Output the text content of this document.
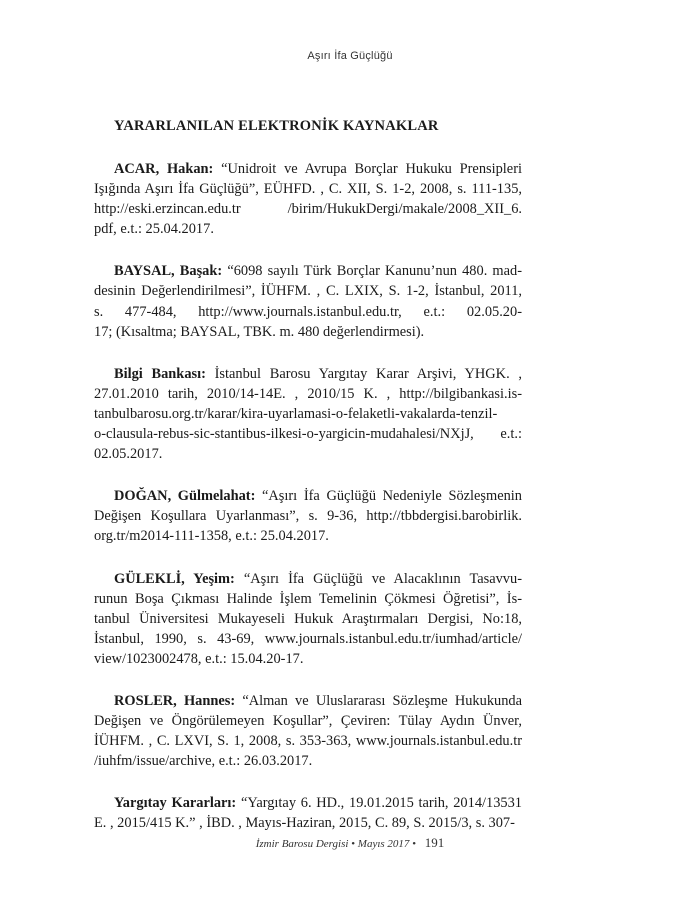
Aşırı İfa Güçlüğü
YARARLANILAN ELEKTRONİK KAYNAKLAR
ACAR, Hakan: “Unidroit ve Avrupa Borçlar Hukuku Prensipleri
Işığında Aşırı İfa Güçlüğü”, EÜHFD. , C. XII, S. 1-2, 2008, s. 111-135,
http://eski.erzincan.edu.tr /birim/HukukDergi/makale/2008_XII_6.
pdf, e.t.: 25.04.2017.
BAYSAL, Başak: “6098 sayılı Türk Borçlar Kanunu’nun 480. mad-
desinin Değerlendirilmesi”, İÜHFM. , C. LXIX, S. 1-2, İstanbul, 2011,
s. 477-484, http://www.journals.istanbul.edu.tr, e.t.: 02.05.20-
17; (Kısaltma; BAYSAL, TBK. m. 480 değerlendirmesi).
Bilgi Bankası: İstanbul Barosu Yargıtay Karar Arşivi, YHGK. ,
27.01.2010 tarih, 2010/14-14E. , 2010/15 K. , http://bilgibankasi.is-
tanbulbarosu.org.tr/karar/kira-uyarlamasi-o-felaketli-vakalarda-tenzil-
o-clausula-rebus-sic-stantibus-ilkesi-o-yargicin-mudahalesi/NXjJ, e.t.:
02.05.2017.
DOĞAN, Gülmelahat: “Aşırı İfa Güçlüğü Nedeniyle Sözleşmenin
Değişen Koşullara Uyarlanması”, s. 9-36, http://tbbdergisi.barobirlik.
org.tr/m2014-111-1358, e.t.: 25.04.2017.
GÜLEKLİ, Yeşim: “Aşırı İfa Güçlüğü ve Alacaklının Tasavvu-
runun Boşa Çıkması Halinde İşlem Temelinin Çökmesi Öğretisi”, İs-
tanbul Üniversitesi Mukayeseli Hukuk Araştırmaları Dergisi, No:18,
İstanbul, 1990, s. 43-69, www.journals.istanbul.edu.tr/iumhad/article/
view/1023002478, e.t.: 15.04.20-17.
ROSLER, Hannes: “Alman ve Uluslararası Sözleşme Hukukunda
Değişen ve Öngörülemeyen Koşullar”, Çeviren: Tülay Aydın Ünver,
İÜHFM. , C. LXVI, S. 1, 2008, s. 353-363, www.journals.istanbul.edu.tr
/iuhfm/issue/archive, e.t.: 26.03.2017.
Yargıtay Kararları: “Yargıtay 6. HD., 19.01.2015 tarih, 2014/13531
E. , 2015/415 K.” , İBD. , Mayıs-Haziran, 2015, C. 89, S. 2015/3, s. 307-
İzmir Barosu Dergisi • Mayıs 2017 • 191
